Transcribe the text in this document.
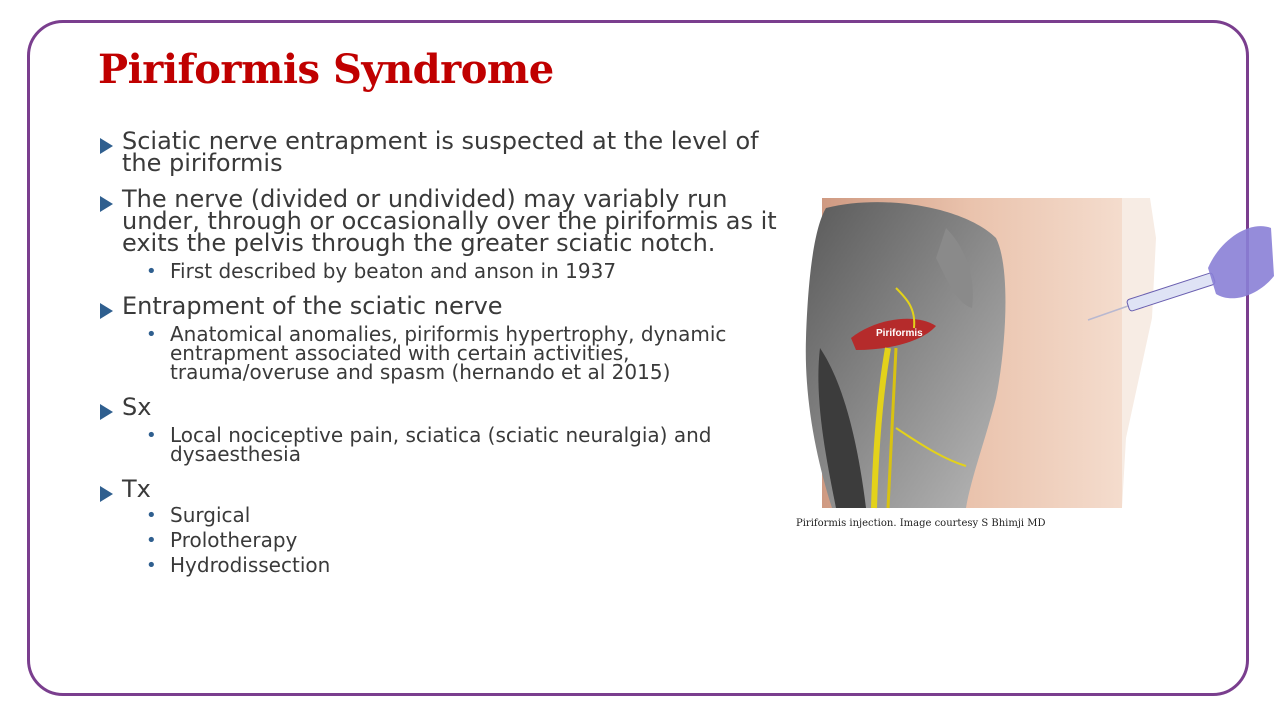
Piriformis Syndrome
Sciatic nerve entrapment is suspected at the level of the piriformis
The nerve (divided or undivided) may variably run under, through or occasionally over the piriformis as it exits the pelvis through the greater sciatic notch.
• First described by beaton and anson in 1937
Entrapment of the sciatic nerve
• Anatomical anomalies, piriformis hypertrophy, dynamic entrapment associated with certain activities, trauma/overuse and spasm (hernando et al 2015)
Sx
• Local nociceptive pain, sciatica (sciatic neuralgia) and dysaesthesia
Tx
• Surgical
• Prolotherapy
• Hydrodissection
Piriformis

Piriformis injection. Image courtesy S Bhimji MD
